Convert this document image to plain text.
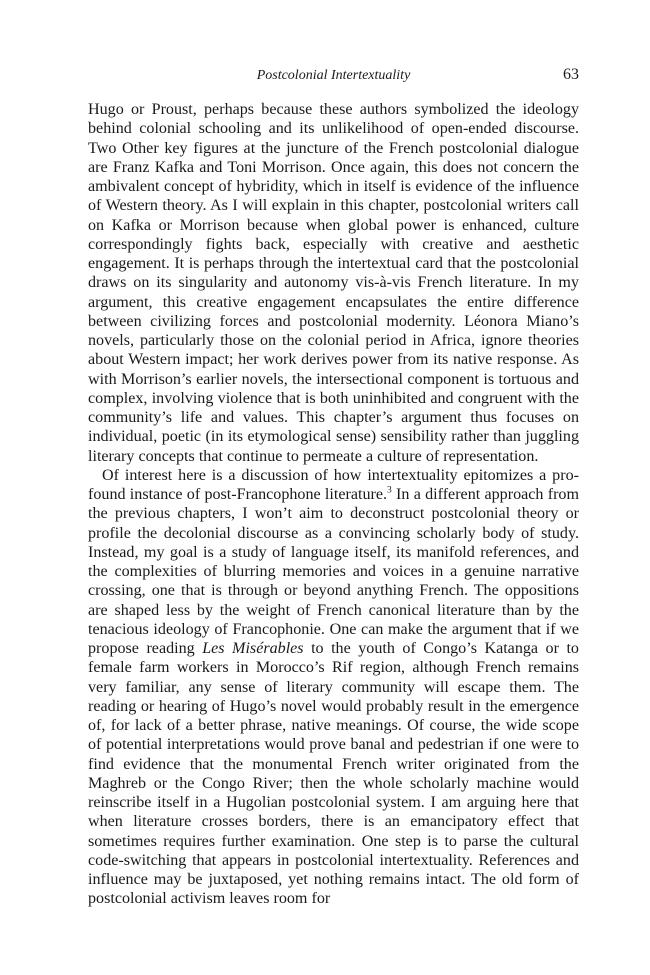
Postcolonial Intertextuality	63

Hugo or Proust, perhaps because these authors symbolized the ideology behind colonial schooling and its unlikelihood of open-ended discourse. Two Other key figures at the juncture of the French postcolonial dialogue are Franz Kafka and Toni Morrison. Once again, this does not concern the ambivalent concept of hybridity, which in itself is evidence of the influence of Western theory. As I will explain in this chapter, postcolonial writers call on Kafka or Morrison because when global power is enhanced, culture correspondingly fights back, especially with creative and aesthetic engagement. It is perhaps through the intertextual card that the postcolonial draws on its singularity and autonomy vis-à-vis French literature. In my argument, this creative engagement encapsulates the entire difference between civilizing forces and postcolonial modernity. Léonora Miano’s novels, particularly those on the colonial period in Africa, ignore theories about Western impact; her work derives power from its native response. As with Morrison’s earlier novels, the intersectional component is tortuous and complex, involving violence that is both uninhibited and congruent with the community’s life and values. This chapter’s argument thus focuses on individual, poetic (in its etymological sense) sensibility rather than juggling literary concepts that continue to permeate a culture of representation.

Of interest here is a discussion of how intertextuality epitomizes a profound instance of post-Francophone literature.$^3$ In a different approach from the previous chapters, I won’t aim to deconstruct postcolonial theory or profile the decolonial discourse as a convincing scholarly body of study. Instead, my goal is a study of language itself, its manifold references, and the complexities of blurring memories and voices in a genuine narrative crossing, one that is through or beyond anything French. The oppositions are shaped less by the weight of French canonical literature than by the tenacious ideology of Francophonie. One can make the argument that if we propose reading Les Misérables to the youth of Congo’s Katanga or to female farm workers in Morocco’s Rif region, although French remains very familiar, any sense of literary community will escape them. The reading or hearing of Hugo’s novel would probably result in the emergence of, for lack of a better phrase, native meanings. Of course, the wide scope of potential interpretations would prove banal and pedestrian if one were to find evidence that the monumental French writer originated from the Maghreb or the Congo River; then the whole scholarly machine would reinscribe itself in a Hugolian postcolonial system. I am arguing here that when literature crosses borders, there is an emancipatory effect that sometimes requires further examination. One step is to parse the cultural code-switching that appears in postcolonial intertextuality. References and influence may be juxtaposed, yet nothing remains intact. The old form of postcolonial activism leaves room for
